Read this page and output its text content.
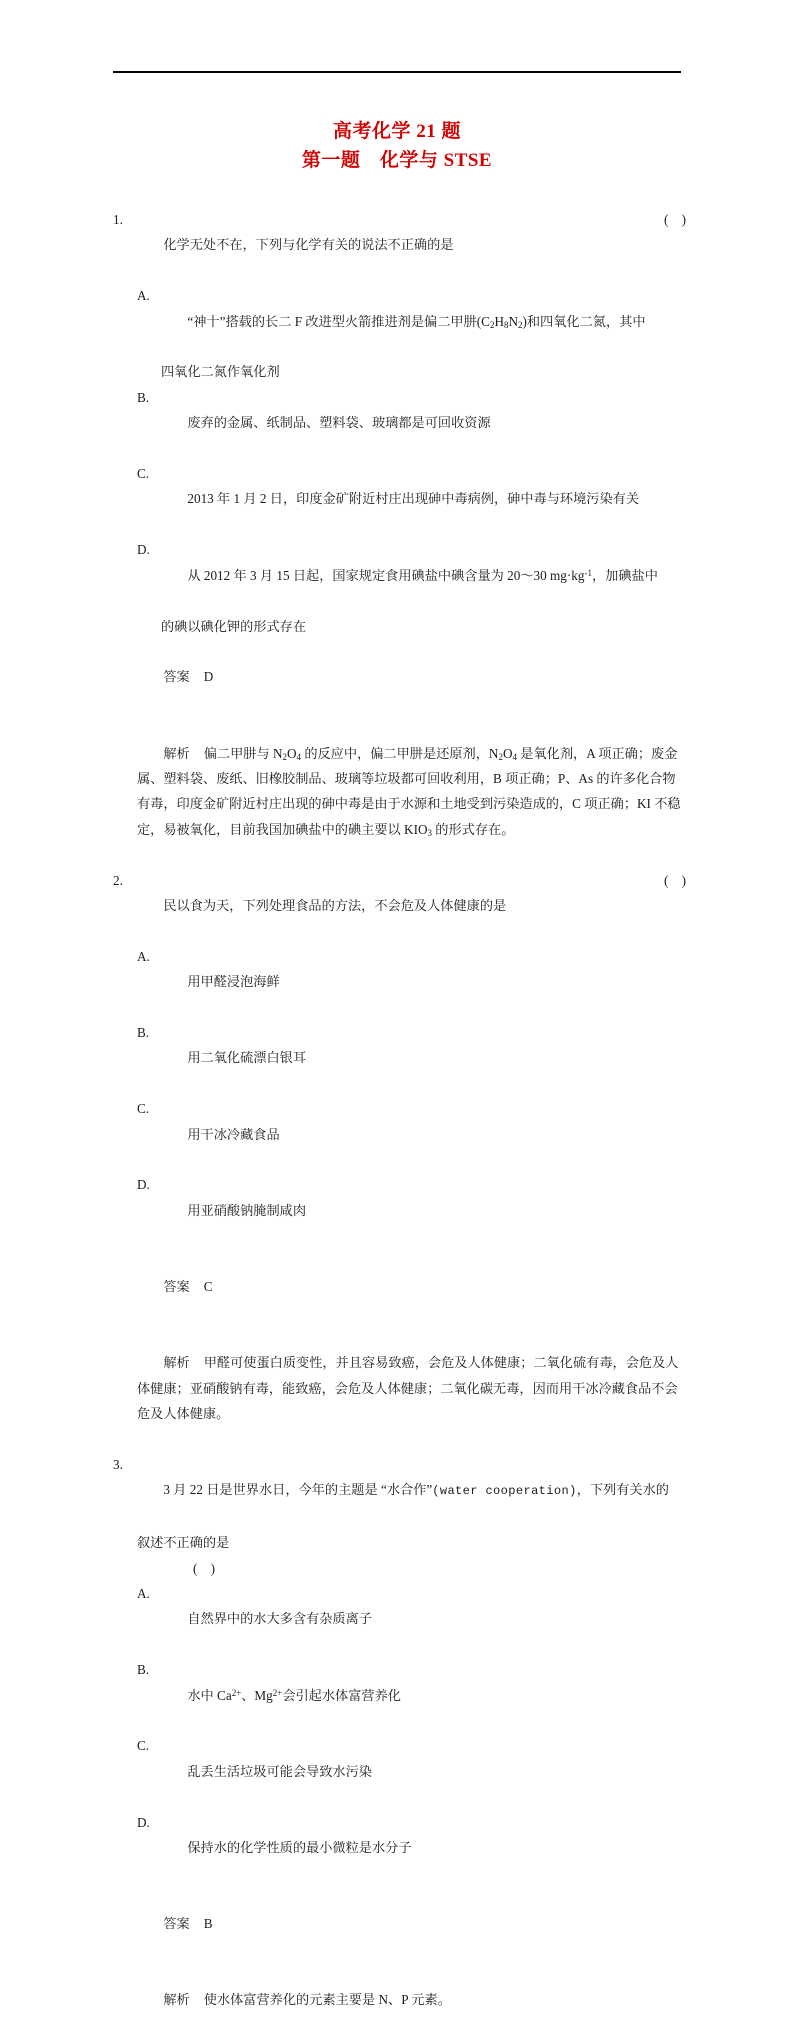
高考化学 21 题
第一题　化学与 STSE

1.
化学无处不在，下列与化学有关的说法不正确的是
(　)

A.
“神十”搭载的长二 F 改进型火箭推进剂是偏二甲肼$(C_2H_8N_2)$和四氧化二氮，其中

四氧化二氮作氧化剂

B.
废弃的金属、纸制品、塑料袋、玻璃都是可回收资源

C.
2013 年 1 月 2 日，印度金矿附近村庄出现砷中毒病例，砷中毒与环境污染有关

D.
从 2012 年 3 月 15 日起，国家规定食用碘盐中碘含量为 20～30 $mg\cdot kg^{-1}$，加碘盐中

的碘以碘化钾的形式存在

答案 D

解析 偏二甲肼与 $N_2O_4$ 的反应中，偏二甲肼是还原剂，$N_2O_4$ 是氧化剂，A 项正确；废金属、塑料袋、废纸、旧橡胶制品、玻璃等垃圾都可回收利用，B 项正确；P、As 的许多化合物有毒，印度金矿附近村庄出现的砷中毒是由于水源和土地受到污染造成的，C 项正确；KI 不稳定，易被氧化，目前我国加碘盐中的碘主要以 $KIO_3$ 的形式存在。

2.
民以食为天，下列处理食品的方法，不会危及人体健康的是
(　)

A.
用甲醛浸泡海鲜

B.
用二氧化硫漂白银耳

C.
用干冰冷藏食品

D.
用亚硝酸钠腌制咸肉

答案 C

解析 甲醛可使蛋白质变性，并且容易致癌，会危及人体健康；二氧化硫有毒，会危及人体健康；亚硝酸钠有毒，能致癌，会危及人体健康；二氧化碳无毒，因而用干冰冷藏食品不会危及人体健康。

3.
3 月 22 日是世界水日，今年的主题是 “水合作”(water cooperation)，下列有关水的

叙述不正确的是
(　)

A.
自然界中的水大多含有杂质离子

B.
水中 $Ca^{2+}$、$Mg^{2+}$会引起水体富营养化

C.
乱丢生活垃圾可能会导致水污染

D.
保持水的化学性质的最小微粒是水分子

答案 B

解析 使水体富营养化的元素主要是 N、P 元素。
